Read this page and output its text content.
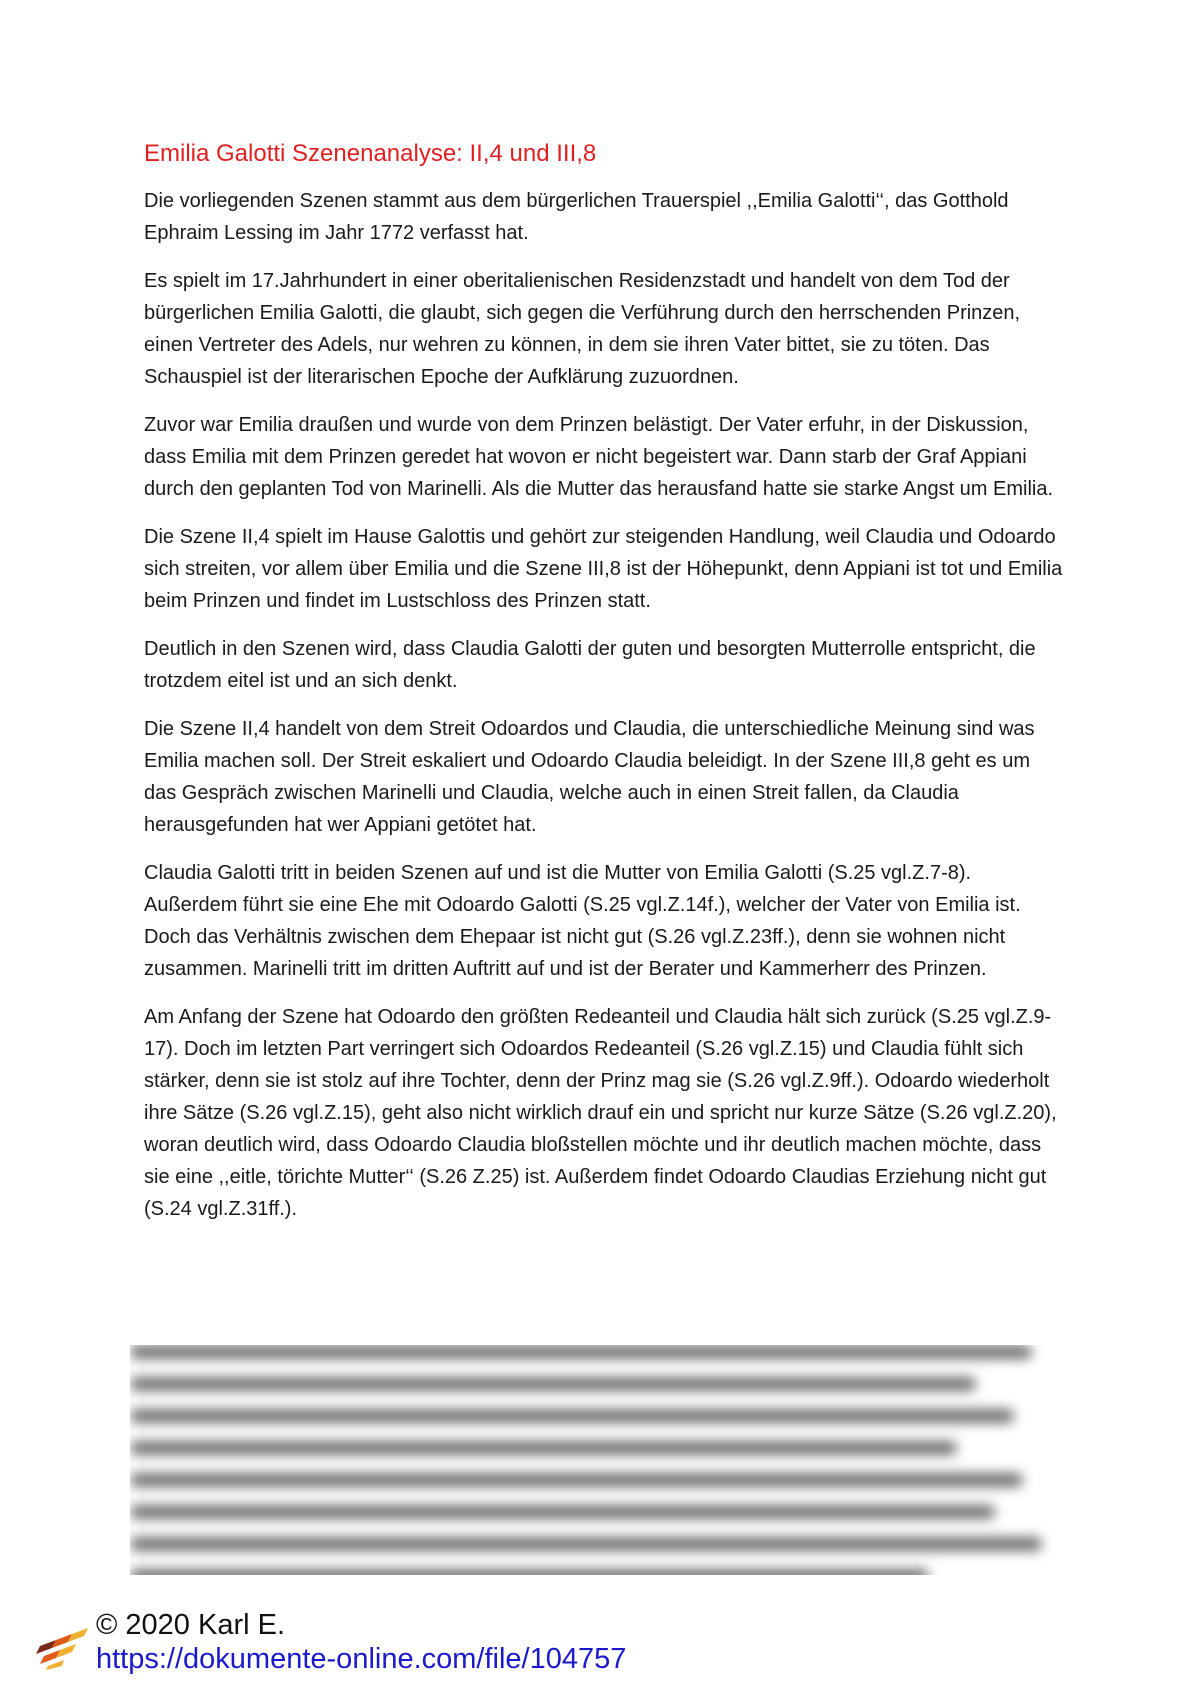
Emilia Galotti Szenenanalyse: II,4 und III,8

Die vorliegenden Szenen stammt aus dem bürgerlichen Trauerspiel ,,Emilia Galotti‘‘, das Gotthold Ephraim Lessing im Jahr 1772 verfasst hat.

Es spielt im 17.Jahrhundert in einer oberitalienischen Residenzstadt und handelt von dem Tod der bürgerlichen Emilia Galotti, die glaubt, sich gegen die Verführung durch den herrschenden Prinzen, einen Vertreter des Adels, nur wehren zu können, in dem sie ihren Vater bittet, sie zu töten. Das Schauspiel ist der literarischen Epoche der Aufklärung zuzuordnen.

Zuvor war Emilia draußen und wurde von dem Prinzen belästigt. Der Vater erfuhr, in der Diskussion, dass Emilia mit dem Prinzen geredet hat wovon er nicht begeistert war. Dann starb der Graf Appiani durch den geplanten Tod von Marinelli. Als die Mutter das herausfand hatte sie starke Angst um Emilia.

Die Szene II,4 spielt im Hause Galottis und gehört zur steigenden Handlung, weil Claudia und Odoardo sich streiten, vor allem über Emilia und die Szene III,8 ist der Höhepunkt, denn Appiani ist tot und Emilia beim Prinzen und findet im Lustschloss des Prinzen statt.

Deutlich in den Szenen wird, dass Claudia Galotti der guten und besorgten Mutterrolle entspricht, die trotzdem eitel ist und an sich denkt.

Die Szene II,4 handelt von dem Streit Odoardos und Claudia, die unterschiedliche Meinung sind was Emilia machen soll. Der Streit eskaliert und Odoardo Claudia beleidigt. In der Szene III,8 geht es um das Gespräch zwischen Marinelli und Claudia, welche auch in einen Streit fallen, da Claudia herausgefunden hat wer Appiani getötet hat.

Claudia Galotti tritt in beiden Szenen auf und ist die Mutter von Emilia Galotti (S.25 vgl.Z.7-8). Außerdem führt sie eine Ehe mit Odoardo Galotti (S.25 vgl.Z.14f.), welcher der Vater von Emilia ist. Doch das Verhältnis zwischen dem Ehepaar ist nicht gut (S.26 vgl.Z.23ff.), denn sie wohnen nicht zusammen. Marinelli tritt im dritten Auftritt auf und ist der Berater und Kammerherr des Prinzen.

Am Anfang der Szene hat Odoardo den größten Redeanteil und Claudia hält sich zurück (S.25 vgl.Z.9-17). Doch im letzten Part verringert sich Odoardos Redeanteil (S.26 vgl.Z.15) und Claudia fühlt sich stärker, denn sie ist stolz auf ihre Tochter, denn der Prinz mag sie (S.26 vgl.Z.9ff.). Odoardo wiederholt ihre Sätze (S.26 vgl.Z.15), geht also nicht wirklich drauf ein und spricht nur kurze Sätze (S.26 vgl.Z.20), woran deutlich wird, dass Odoardo Claudia bloßstellen möchte und ihr deutlich machen möchte, dass sie eine ,,eitle, törichte Mutter‘‘ (S.26 Z.25) ist. Außerdem findet Odoardo Claudias Erziehung nicht gut (S.24 vgl.Z.31ff.).

© 2020 Karl E.
https://dokumente-online.com/file/104757
